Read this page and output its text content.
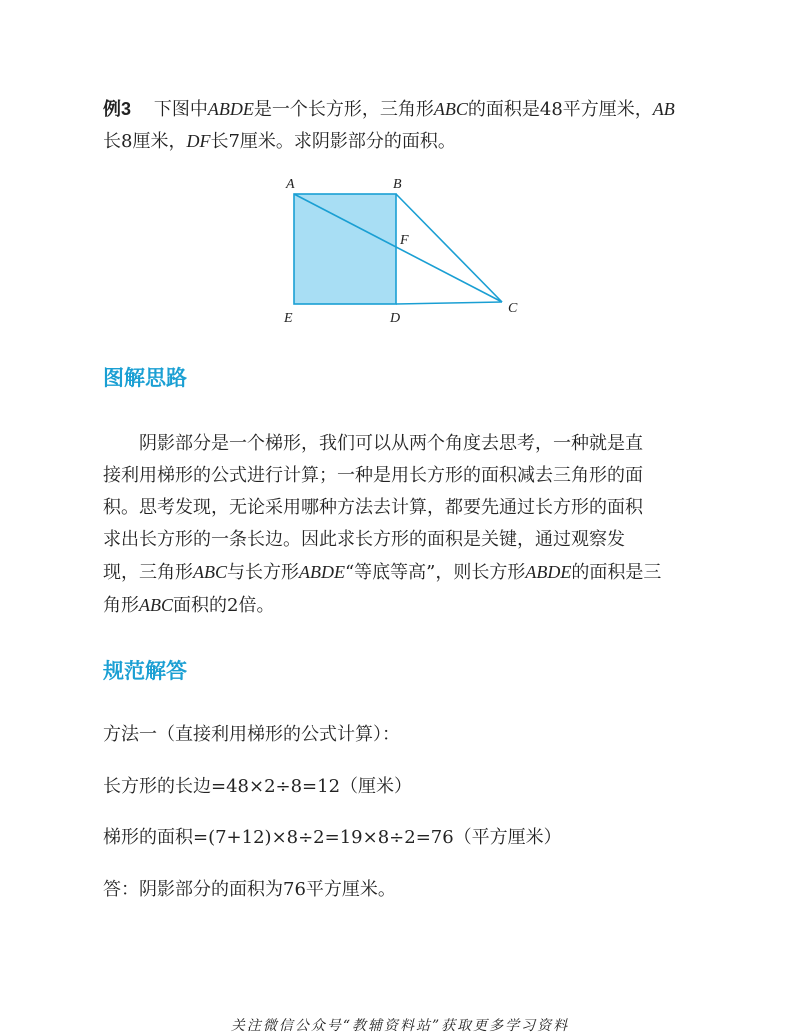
例3 下图中ABDE是一个长方形，三角形ABC的面积是48平方厘米，AB
长8厘米，DF长7厘米。求阴影部分的面积。
A	B
F
C
D
E
图解思路
阴影部分是一个梯形，我们可以从两个角度去思考，一种就是直
接利用梯形的公式进行计算；一种是用长方形的面积减去三角形的面
积。思考发现，无论采用哪种方法去计算，都要先通过长方形的面积
求出长方形的一条长边。因此求长方形的面积是关键，通过观察发
现，三角形ABC与长方形ABDE“等底等高”，则长方形ABDE的面积是三
角形ABC面积的2倍。
规范解答
方法一（直接利用梯形的公式计算）：
长方形的长边=48×2÷8=12（厘米）
梯形的面积=(7+12)×8÷2=19×8÷2=76（平方厘米）
答：阴影部分的面积为76平方厘米。
关注微信公众号“教辅资料站”获取更多学习资料
